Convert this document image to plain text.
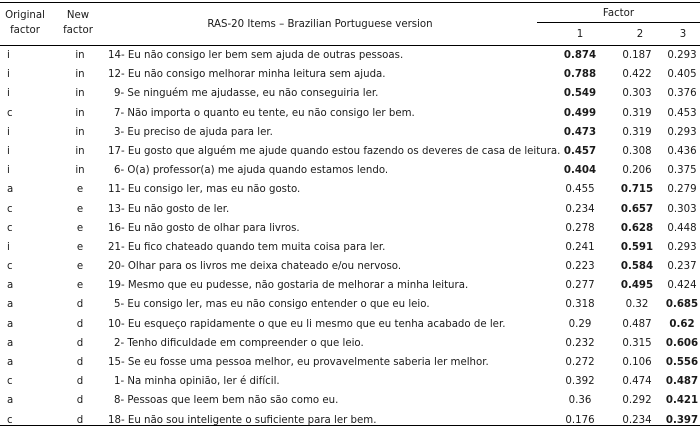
Original factor
New factor
RAS-20 Items – Brazilian Portuguese version
Factor
1	2	3
i	in	14- Eu não consigo ler bem sem ajuda de outras pessoas.	0.874	0.187	0.293
i	in	12- Eu não consigo melhorar minha leitura sem ajuda.	0.788	0.422	0.405
i	in	9- Se ninguém me ajudasse, eu não conseguiria ler.	0.549	0.303	0.376
c	in	7- Não importa o quanto eu tente, eu não consigo ler bem.	0.499	0.319	0.453
i	in	3- Eu preciso de ajuda para ler.	0.473	0.319	0.293
i	in	17- Eu gosto que alguém me ajude quando estou fazendo os deveres de casa de leitura. 0.457	0.308	0.436
i	in	6- O(a) professor(a) me ajuda quando estamos lendo.	0.404	0.206	0.375
a	e	11- Eu consigo ler, mas eu não gosto.	0.455	0.715	0.279
c	e	13- Eu não gosto de ler.	0.234	0.657	0.303
c	e	16- Eu não gosto de olhar para livros.	0.278	0.628	0.448
i	e	21- Eu fico chateado quando tem muita coisa para ler.	0.241	0.591	0.293
c	e	20- Olhar para os livros me deixa chateado e/ou nervoso.	0.223	0.584	0.237
a	e	19- Mesmo que eu pudesse, não gostaria de melhorar a minha leitura.	0.277	0.495	0.424
a	d	5- Eu consigo ler, mas eu não consigo entender o que eu leio.	0.318	0.32	0.685
a	d	10- Eu esqueço rapidamente o que eu li mesmo que eu tenha acabado de ler.	0.29	0.487	0.62
a	d	2- Tenho dificuldade em compreender o que leio.	0.232	0.315	0.606
a	d	15- Se eu fosse uma pessoa melhor, eu provavelmente saberia ler melhor.	0.272	0.106	0.556
c	d	1- Na minha opinião, ler é difícil.	0.392	0.474	0.487
a	d	8- Pessoas que leem bem não são como eu.	0.36	0.292	0.421
c	d	18- Eu não sou inteligente o suficiente para ler bem.	0.176	0.234	0.397
